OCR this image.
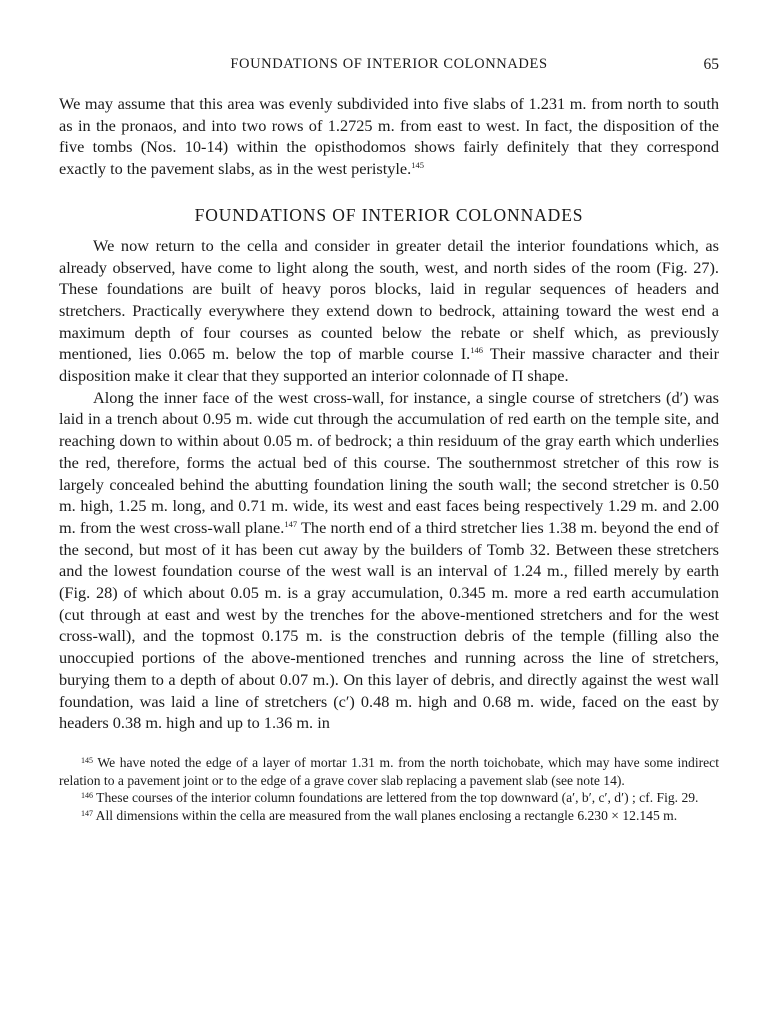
FOUNDATIONS OF INTERIOR COLONNADES	65

We may assume that this area was evenly subdivided into five slabs of 1.231 m. from north to south as in the pronaos, and into two rows of 1.2725 m. from east to west. In fact, the disposition of the five tombs (Nos. 10-14) within the opisthodomos shows fairly definitely that they correspond exactly to the pavement slabs, as in the west peristyle.$^{145}$

FOUNDATIONS OF INTERIOR COLONNADES

We now return to the cella and consider in greater detail the interior foundations which, as already observed, have come to light along the south, west, and north sides of the room (Fig. 27). These foundations are built of heavy poros blocks, laid in regular sequences of headers and stretchers. Practically everywhere they extend down to bedrock, attaining toward the west end a maximum depth of four courses as counted below the rebate or shelf which, as previously mentioned, lies 0.065 m. below the top of marble course I.$^{146}$ Their massive character and their disposition make it clear that they supported an interior colonnade of Π shape.

Along the inner face of the west cross-wall, for instance, a single course of stretchers (d′) was laid in a trench about 0.95 m. wide cut through the accumulation of red earth on the temple site, and reaching down to within about 0.05 m. of bedrock; a thin residuum of the gray earth which underlies the red, therefore, forms the actual bed of this course. The southernmost stretcher of this row is largely concealed behind the abutting foundation lining the south wall; the second stretcher is 0.50 m. high, 1.25 m. long, and 0.71 m. wide, its west and east faces being respectively 1.29 m. and 2.00 m. from the west cross-wall plane.$^{147}$ The north end of a third stretcher lies 1.38 m. beyond the end of the second, but most of it has been cut away by the builders of Tomb 32. Between these stretchers and the lowest foundation course of the west wall is an interval of 1.24 m., filled merely by earth (Fig. 28) of which about 0.05 m. is a gray accumulation, 0.345 m. more a red earth accumulation (cut through at east and west by the trenches for the above-mentioned stretchers and for the west cross-wall), and the topmost 0.175 m. is the construction debris of the temple (filling also the unoccupied portions of the above-mentioned trenches and running across the line of stretchers, burying them to a depth of about 0.07 m.). On this layer of debris, and directly against the west wall foundation, was laid a line of stretchers (c′) 0.48 m. high and 0.68 m. wide, faced on the east by headers 0.38 m. high and up to 1.36 m. in

$^{145}$ We have noted the edge of a layer of mortar 1.31 m. from the north toichobate, which may have some indirect relation to a pavement joint or to the edge of a grave cover slab replacing a pavement slab (see note 14).

$^{146}$ These courses of the interior column foundations are lettered from the top downward (a′, b′, c′, d′) ; cf. Fig. 29.

$^{147}$ All dimensions within the cella are measured from the wall planes enclosing a rectangle 6.230 × 12.145 m.
